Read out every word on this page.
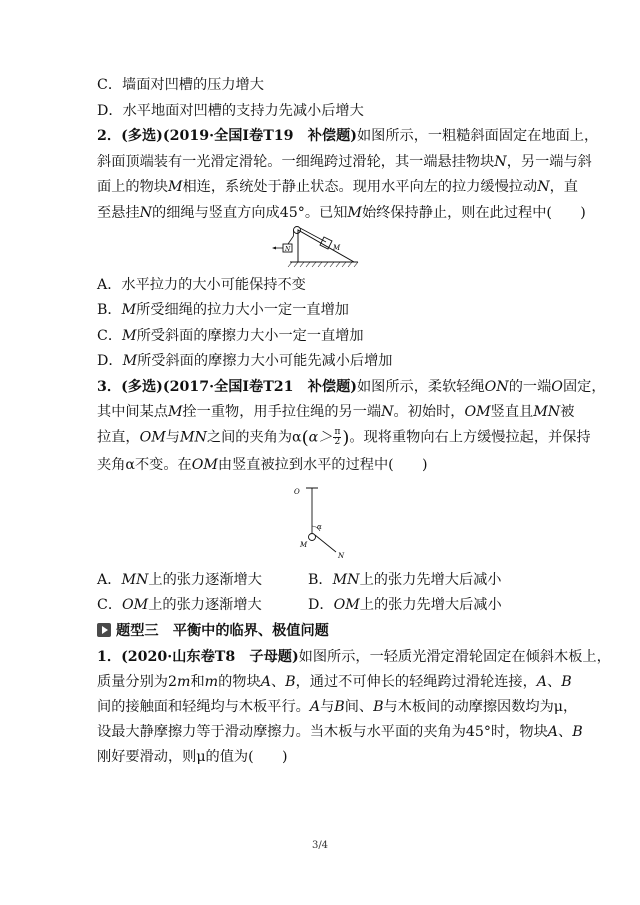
C．墙面对凹槽的压力增大
D．水平地面对凹槽的支持力先减小后增大
2．(多选)(2019·全国Ⅰ卷T19　补偿题)如图所示，一粗糙斜面固定在地面上，
斜面顶端装有一光滑定滑轮。一细绳跨过滑轮，其一端悬挂物块N，另一端与斜
面上的物块M相连，系统处于静止状态。现用水平向左的拉力缓慢拉动N，直
至悬挂N的细绳与竖直方向成45°。已知M始终保持静止，则在此过程中(　　)
N	M
A．水平拉力的大小可能保持不变
B．M所受细绳的拉力大小一定一直增加
C．M所受斜面的摩擦力大小一定一直增加
D．M所受斜面的摩擦力大小可能先减小后增加
3．(多选)(2017·全国Ⅰ卷T21　补偿题)如图所示，柔软轻绳ON的一端O固定，
其中间某点M拴一重物，用手拉住绳的另一端N。初始时，OM竖直且MN被
拉直，OM与MN之间的夹角为$\alpha(\alpha> \frac{\pi}{2}$ )。现将重物向右上方缓慢拉起，并保持
夹角α不变。在OM由竖直被拉到水平的过程中(　　)
O
α
M
N
A．MN上的张力逐渐增大	B．MN上的张力先增大后减小
C．OM上的张力逐渐增大	D．OM上的张力先增大后减小
题型三　平衡中的临界、极值问题
1．(2020·山东卷T8　子母题)如图所示，一轻质光滑定滑轮固定在倾斜木板上，
质量分别为2m和m的物块A、B，通过不可伸长的轻绳跨过滑轮连接，A、B
间的接触面和轻绳均与木板平行。A与B间、B与木板间的动摩擦因数均为μ，
设最大静摩擦力等于滑动摩擦力。当木板与水平面的夹角为45°时，物块A、B
刚好要滑动，则μ的值为(　　)
3/4
